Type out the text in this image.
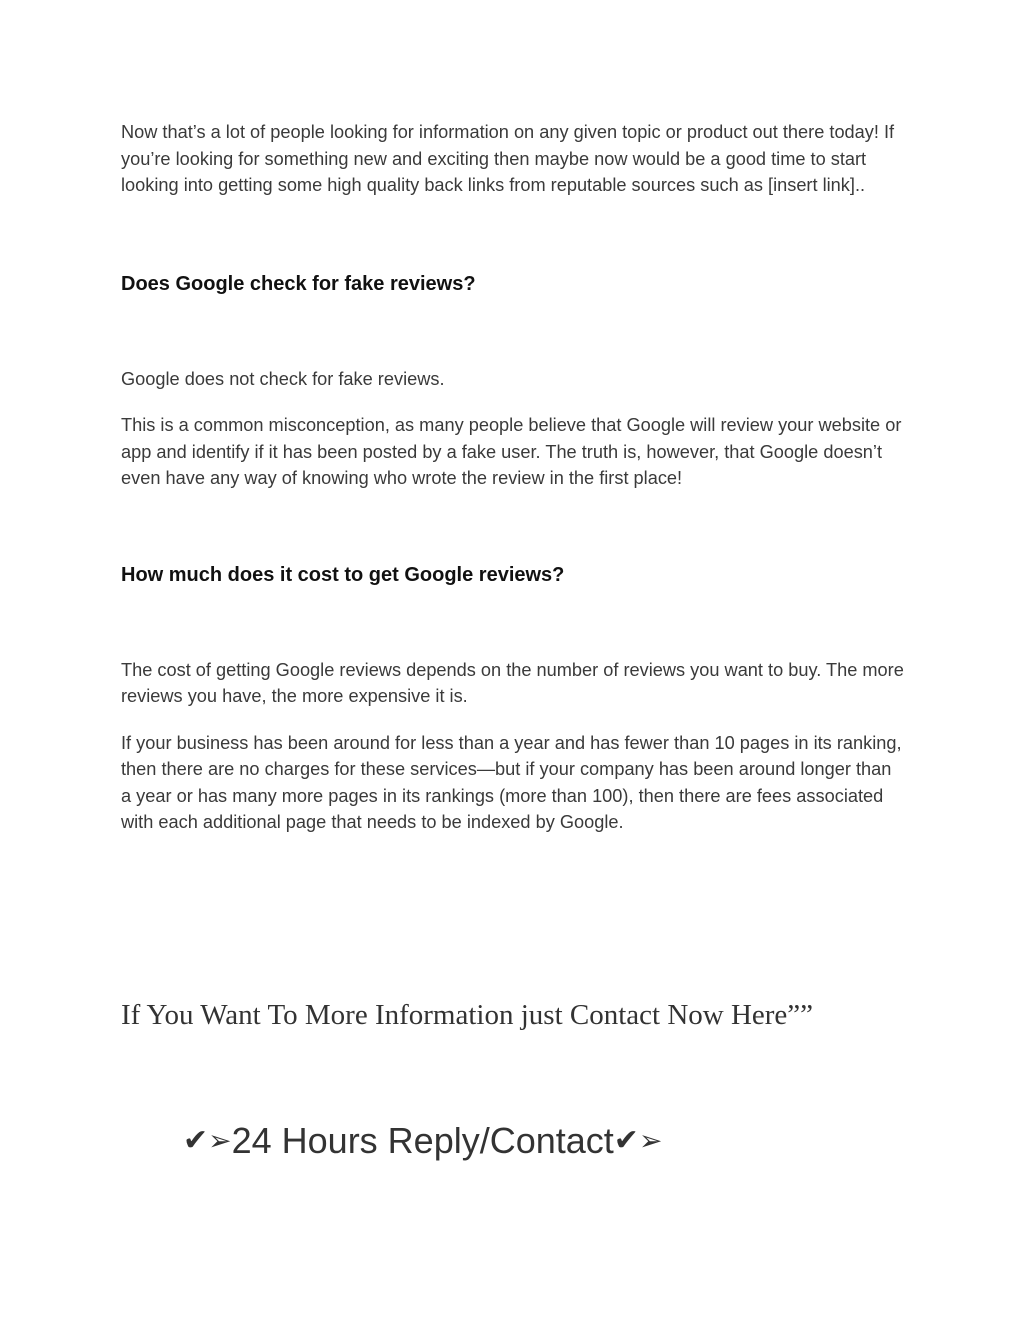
Now that’s a lot of people looking for information on any given topic or product out there today! If you’re looking for something new and exciting then maybe now would be a good time to start looking into getting some high quality back links from reputable sources such as [insert link]..

Does Google check for fake reviews?

Google does not check for fake reviews.

This is a common misconception, as many people believe that Google will review your website or app and identify if it has been posted by a fake user. The truth is, however, that Google doesn’t even have any way of knowing who wrote the review in the first place!

How much does it cost to get Google reviews?

The cost of getting Google reviews depends on the number of reviews you want to buy. The more reviews you have, the more expensive it is.

If your business has been around for less than a year and has fewer than 10 pages in its ranking, then there are no charges for these services—but if your company has been around longer than a year or has many more pages in its rankings (more than 100), then there are fees associated with each additional page that needs to be indexed by Google.

If You Want To More Information just Contact Now Here””
✔ ➢ 24 Hours Reply/Contact ✔ ➢
